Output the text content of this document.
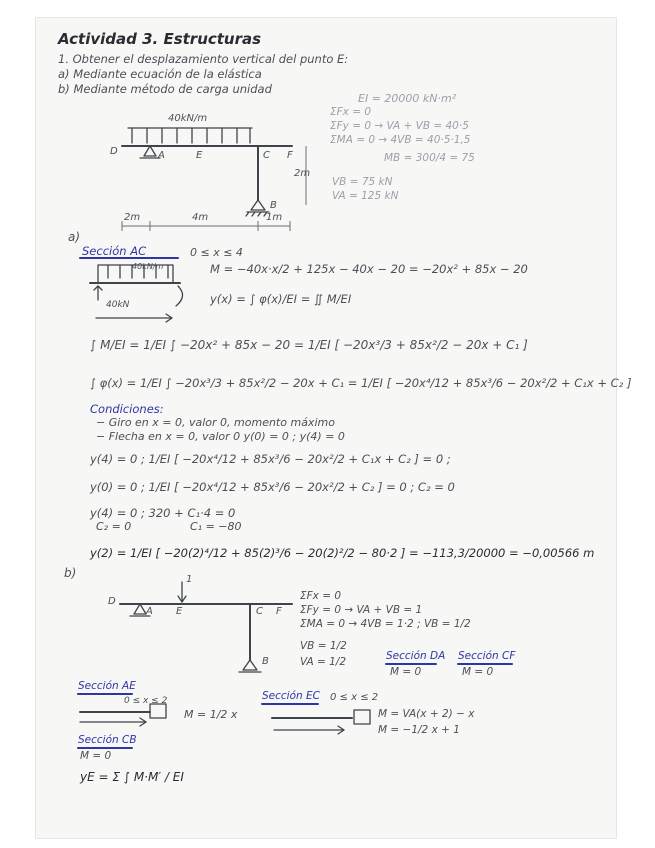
Actividad 3. Estructuras
1. Obtener el desplazamiento vertical del punto E:
a) Mediante ecuación de la elástica
b) Mediante método de carga unidad
40kN/m
D	A	E	C F
B
2m
2m	4m	1m
EI = 20000 kN·m²
ΣFx = 0
ΣFy = 0 → VA + VB = 40·5
ΣMA = 0 → 4VB = 40·5·1,5
MB = 300/4 = 75
VB = 75 kN
VA = 125 kN
a)
Sección AC	0 ≤ x ≤ 4
40kN/m
40kN
M = −40x·x/2 + 125x − 40x − 20 = −20x² + 85x − 20
y(x) = ∫ φ(x)/EI = ∬ M/EI
∫ M/EI = 1/EI ∫ −20x² + 85x − 20 = 1/EI [ −20x³/3 + 85x²/2 − 20x + C₁ ]
∫ φ(x) = 1/EI ∫ −20x³/3 + 85x²/2 − 20x + C₁ = 1/EI [ −20x⁴/12 + 85x³/6 − 20x²/2 + C₁x + C₂ ]
Condiciones:
− Giro en x = 0, valor 0, momento máximo
− Flecha en x = 0, valor 0 y(0) = 0 ; y(4) = 0
y(4) = 0 ; 1/EI [ −20x⁴/12 + 85x³/6 − 20x²/2 + C₁x + C₂ ] = 0 ;
y(0) = 0 ; 1/EI [ −20x⁴/12 + 85x³/6 − 20x²/2 + C₂ ] = 0 ; C₂ = 0
y(4) = 0 ; 320 + C₁·4 = 0
C₂ = 0	C₁ = −80
y(2) = 1/EI [ −20(2)⁴/12 + 85(2)³/6 − 20(2)²/2 − 80·2 ] = −113,3/20000 = −0,00566 m
b)	1
D
A E	C F
B
ΣFx = 0
ΣFy = 0 → VA + VB = 1
ΣMA = 0 → 4VB = 1·2 ; VB = 1/2
VB = 1/2
VA = 1/2	Sección DA
M = 0
Sección CF
M = 0
Sección AE
0 ≤ x ≤ 2
M = 1/2 x
Sección EC 0 ≤ x ≤ 2
M = VA(x + 2) − x
M = −1/2 x + 1
Sección CB
M = 0
yE = Σ ∫ M·M′ / EI
